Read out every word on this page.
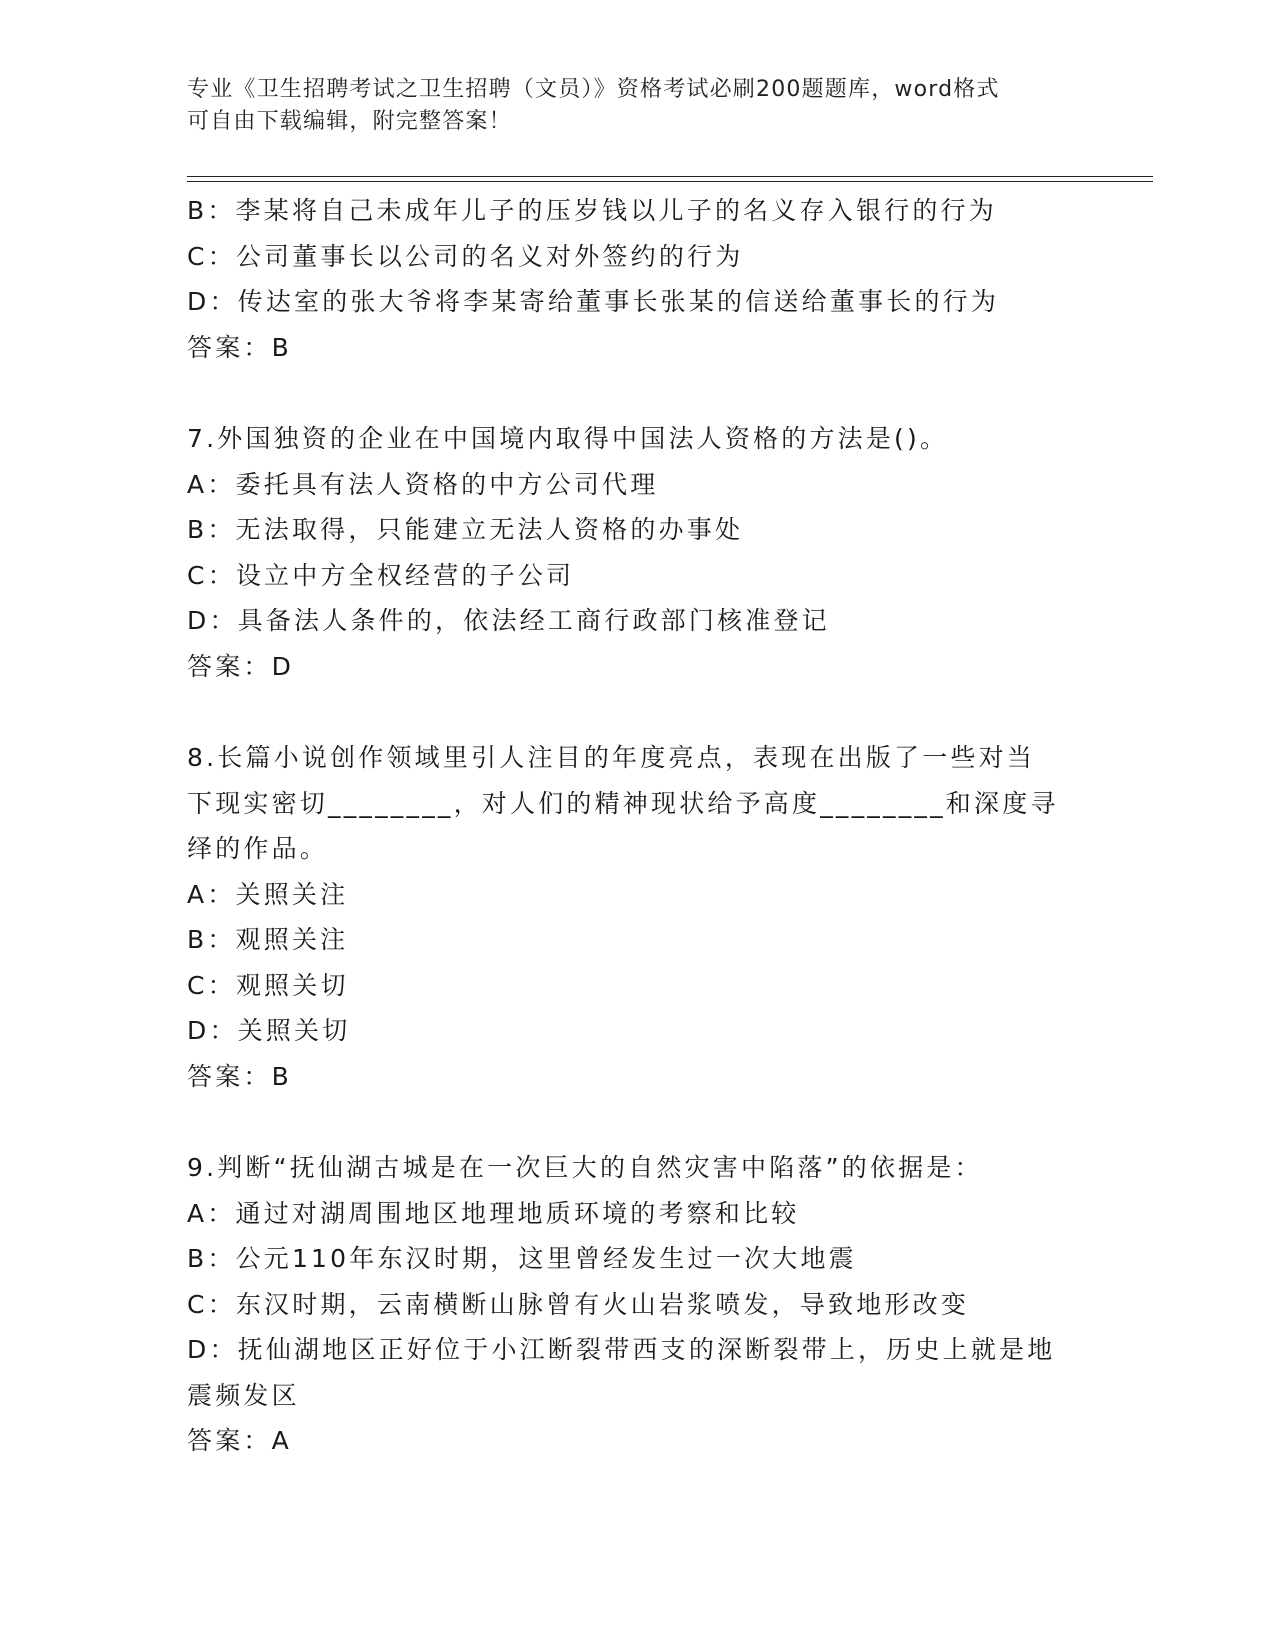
专业《卫生招聘考试之卫生招聘（文员）》资格考试必刷200题题库，word格式
可自由下载编辑，附完整答案！
B：李某将自己未成年儿子的压岁钱以儿子的名义存入银行的行为
C：公司董事长以公司的名义对外签约的行为
D：传达室的张大爷将李某寄给董事长张某的信送给董事长的行为
答案：B
7.外国独资的企业在中国境内取得中国法人资格的方法是()。
A：委托具有法人资格的中方公司代理
B：无法取得，只能建立无法人资格的办事处
C：设立中方全权经营的子公司
D：具备法人条件的，依法经工商行政部门核准登记
答案：D
8.长篇小说创作领域里引人注目的年度亮点，表现在出版了一些对当
下现实密切________，对人们的精神现状给予高度________和深度寻
绎的作品。
A：关照关注
B：观照关注
C：观照关切
D：关照关切
答案：B
9.判断“抚仙湖古城是在一次巨大的自然灾害中陷落”的依据是：
A：通过对湖周围地区地理地质环境的考察和比较
B：公元110年东汉时期，这里曾经发生过一次大地震
C：东汉时期，云南横断山脉曾有火山岩浆喷发，导致地形改变
D：抚仙湖地区正好位于小江断裂带西支的深断裂带上，历史上就是地
震频发区
答案：A
